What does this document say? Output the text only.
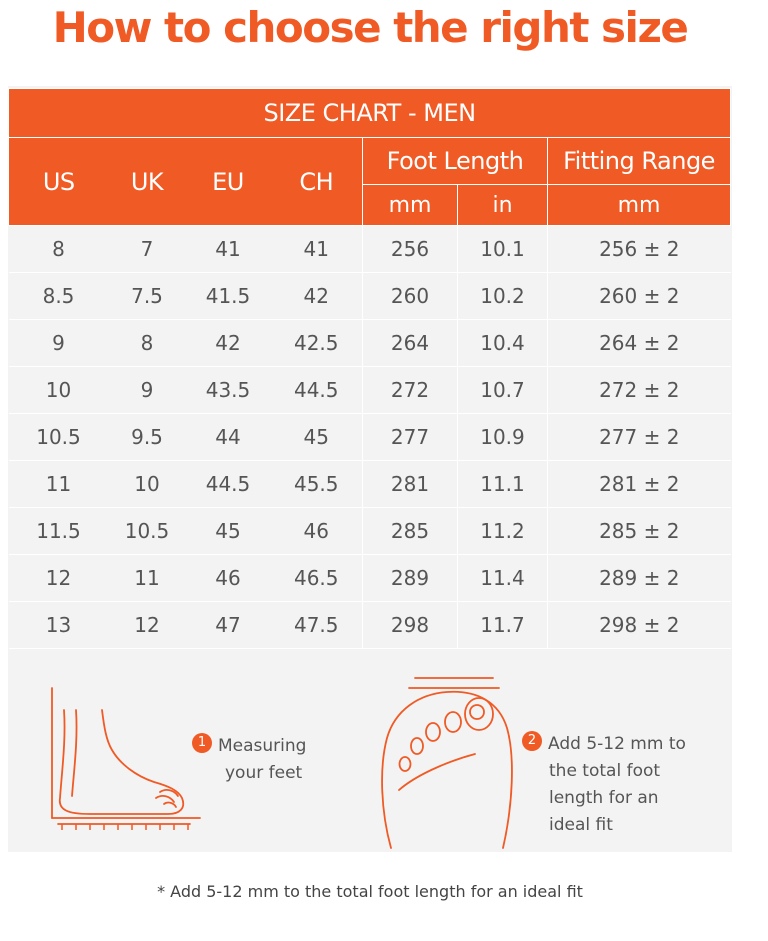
How to choose the right size
SIZE CHART - MEN						
US	UK	EU	CH	Foot Length		Fitting Range
				mm	in	mm
8	7	41	41	256	10.1	256 ± 2
8.5	7.5	41.5	42	260	10.2	260 ± 2
9	8	42	42.5	264	10.4	264 ± 2
10	9	43.5	44.5	272	10.7	272 ± 2
10.5	9.5	44	45	277	10.9	277 ± 2
11	10	44.5	45.5	281	11.1	281 ± 2
11.5	10.5	45	46	285	11.2	285 ± 2
12	11	46	46.5	289	11.4	289 ± 2
13	12	47	47.5	298	11.7	298 ± 2
1 Measuring
your feet
2 Add 5-12 mm to
the total foot
length for an
ideal fit
* Add 5-12 mm to the total foot length for an ideal fit
